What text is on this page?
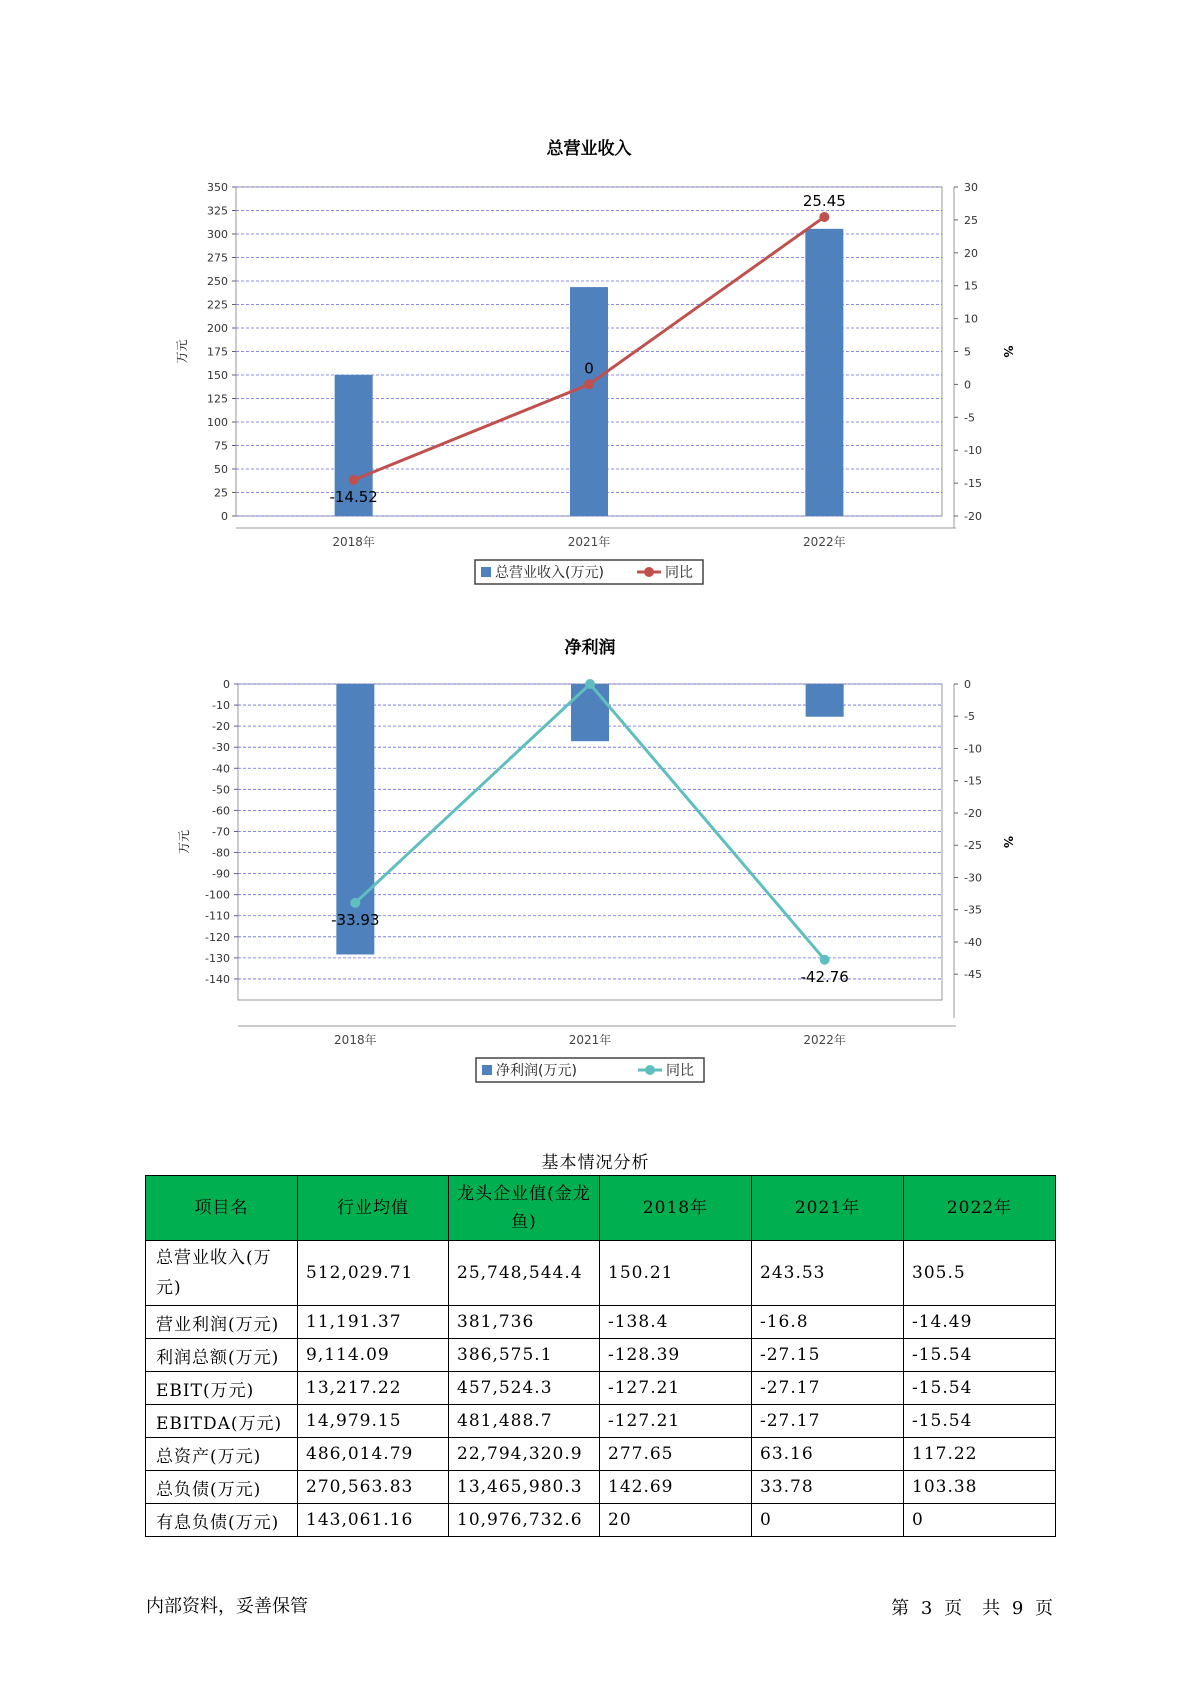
总营业收入
0
25
50
75
100
125
150
175
200
225
250
275
300
325
350
-20
-15
-10
-5
0
5
10
15
20
25
30
万元	%
2018年	2021年	2022年
-14.52
0
25.45
总营业收入(万元)	同比
净利润
0
-10
-20
-30
-40
-50
-60
-70
-80
-90
-100
-110
-120
-130
-140
0
-5
-10
-15
-20
-25
-30
-35
-40
-45
万元	%
2018年	2021年	2022年
-33.93
-42.76
净利润(万元)	同比
基本情况分析
项目名	行业均值	龙头企业值(金龙鱼)	2018年	2021年	2022年
总营业收入(万元)	512,029.71	25,748,544.4	150.21	243.53	305.5
营业利润(万元)	11,191.37	381,736	-138.4	-16.8	-14.49
利润总额(万元)	9,114.09	386,575.1	-128.39	-27.15	-15.54
EBIT(万元)	13,217.22	457,524.3	-127.21	-27.17	-15.54
EBITDA(万元)	14,979.15	481,488.7	-127.21	-27.17	-15.54
总资产(万元)	486,014.79	22,794,320.9	277.65	63.16	117.22
总负债(万元)	270,563.83	13,465,980.3	142.69	33.78	103.38
有息负债(万元)	143,061.16	10,976,732.6	20	0	0
内部资料，妥善保管	第 3 页　共 9 页
